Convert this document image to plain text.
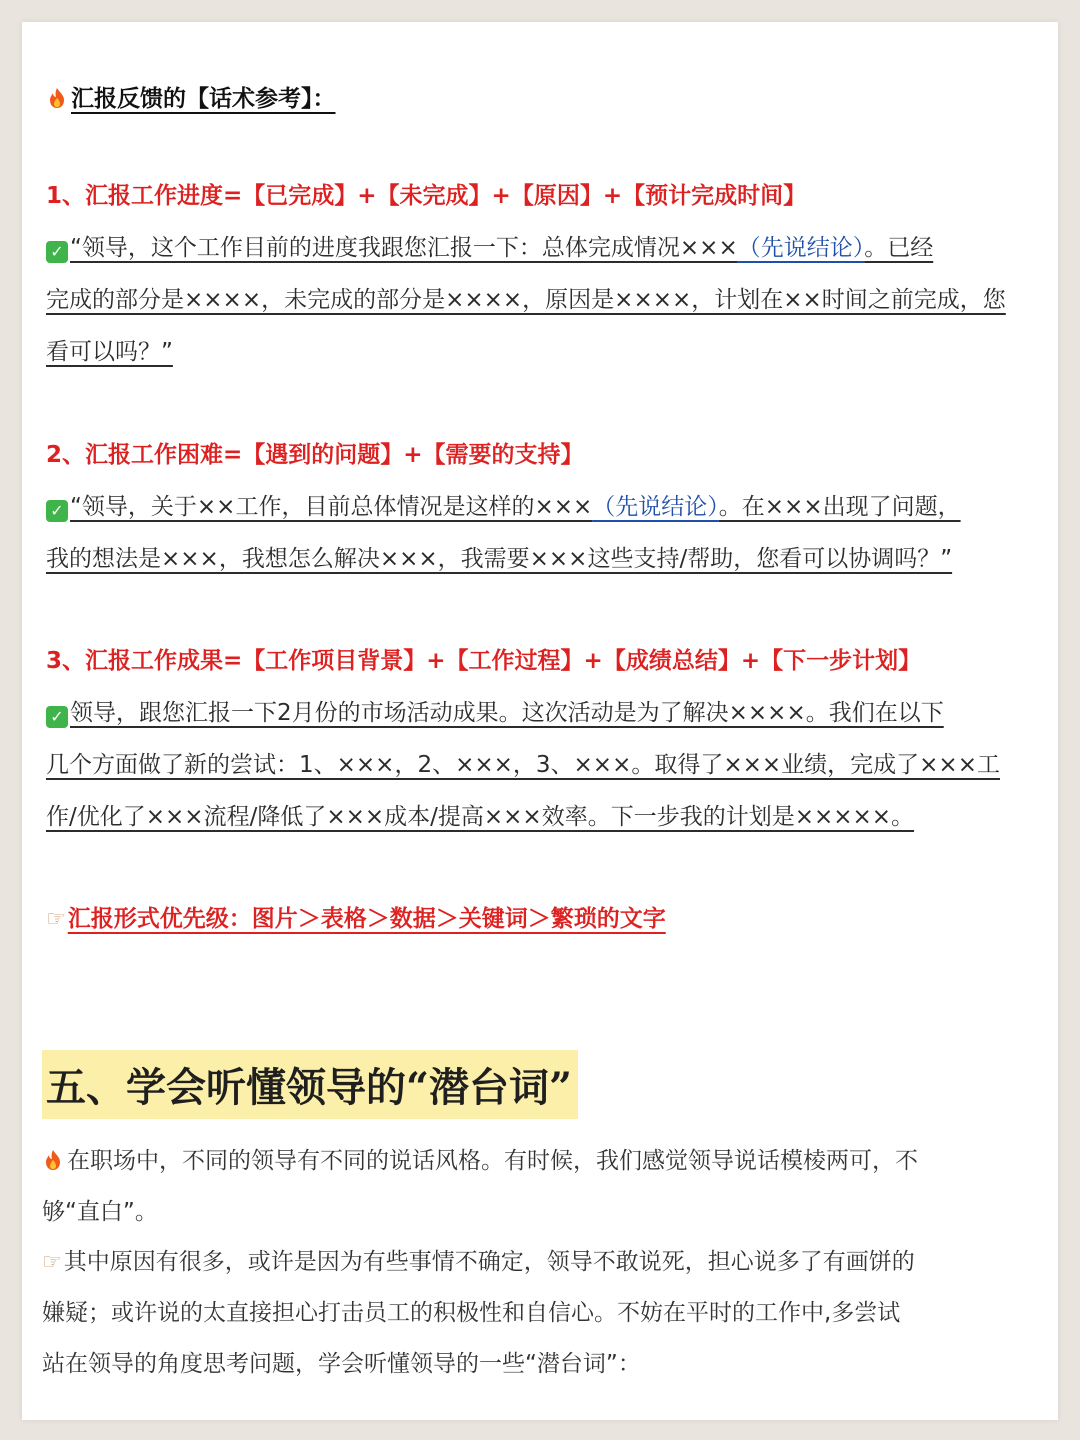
汇报反馈的【话术参考】：
1、汇报工作进度=【已完成】+【未完成】+【原因】+【预计完成时间】
✓ “领导，这个工作目前的进度我跟您汇报一下：总体完成情况×××（先说结论）。已经
完成的部分是××××，未完成的部分是××××，原因是××××，计划在××时间之前完成，您
看可以吗？”
2、汇报工作困难=【遇到的问题】+【需要的支持】
✓ “领导，关于××工作，目前总体情况是这样的×××（先说结论）。在×××出现了问题，
我的想法是×××，我想怎么解决×××，我需要×××这些支持/帮助，您看可以协调吗？”
3、汇报工作成果=【工作项目背景】+【工作过程】+【成绩总结】+【下一步计划】
✓ 领导，跟您汇报一下2月份的市场活动成果。这次活动是为了解决××××。我们在以下
几个方面做了新的尝试：1、×××，2、×××，3、×××。取得了×××业绩，完成了×××工
作/优化了×××流程/降低了×××成本/提高×××效率。下一步我的计划是×××××。
☞汇报形式优先级：图片＞表格＞数据＞关键词＞繁琐的文字
五、学会听懂领导的“潜台词”
在职场中，不同的领导有不同的说话风格。有时候，我们感觉领导说话模棱两可，不
够“直白”。
☞其中原因有很多，或许是因为有些事情不确定，领导不敢说死，担心说多了有画饼的
嫌疑；或许说的太直接担心打击员工的积极性和自信心。不妨在平时的工作中,多尝试
站在领导的角度思考问题，学会听懂领导的一些“潜台词”：
